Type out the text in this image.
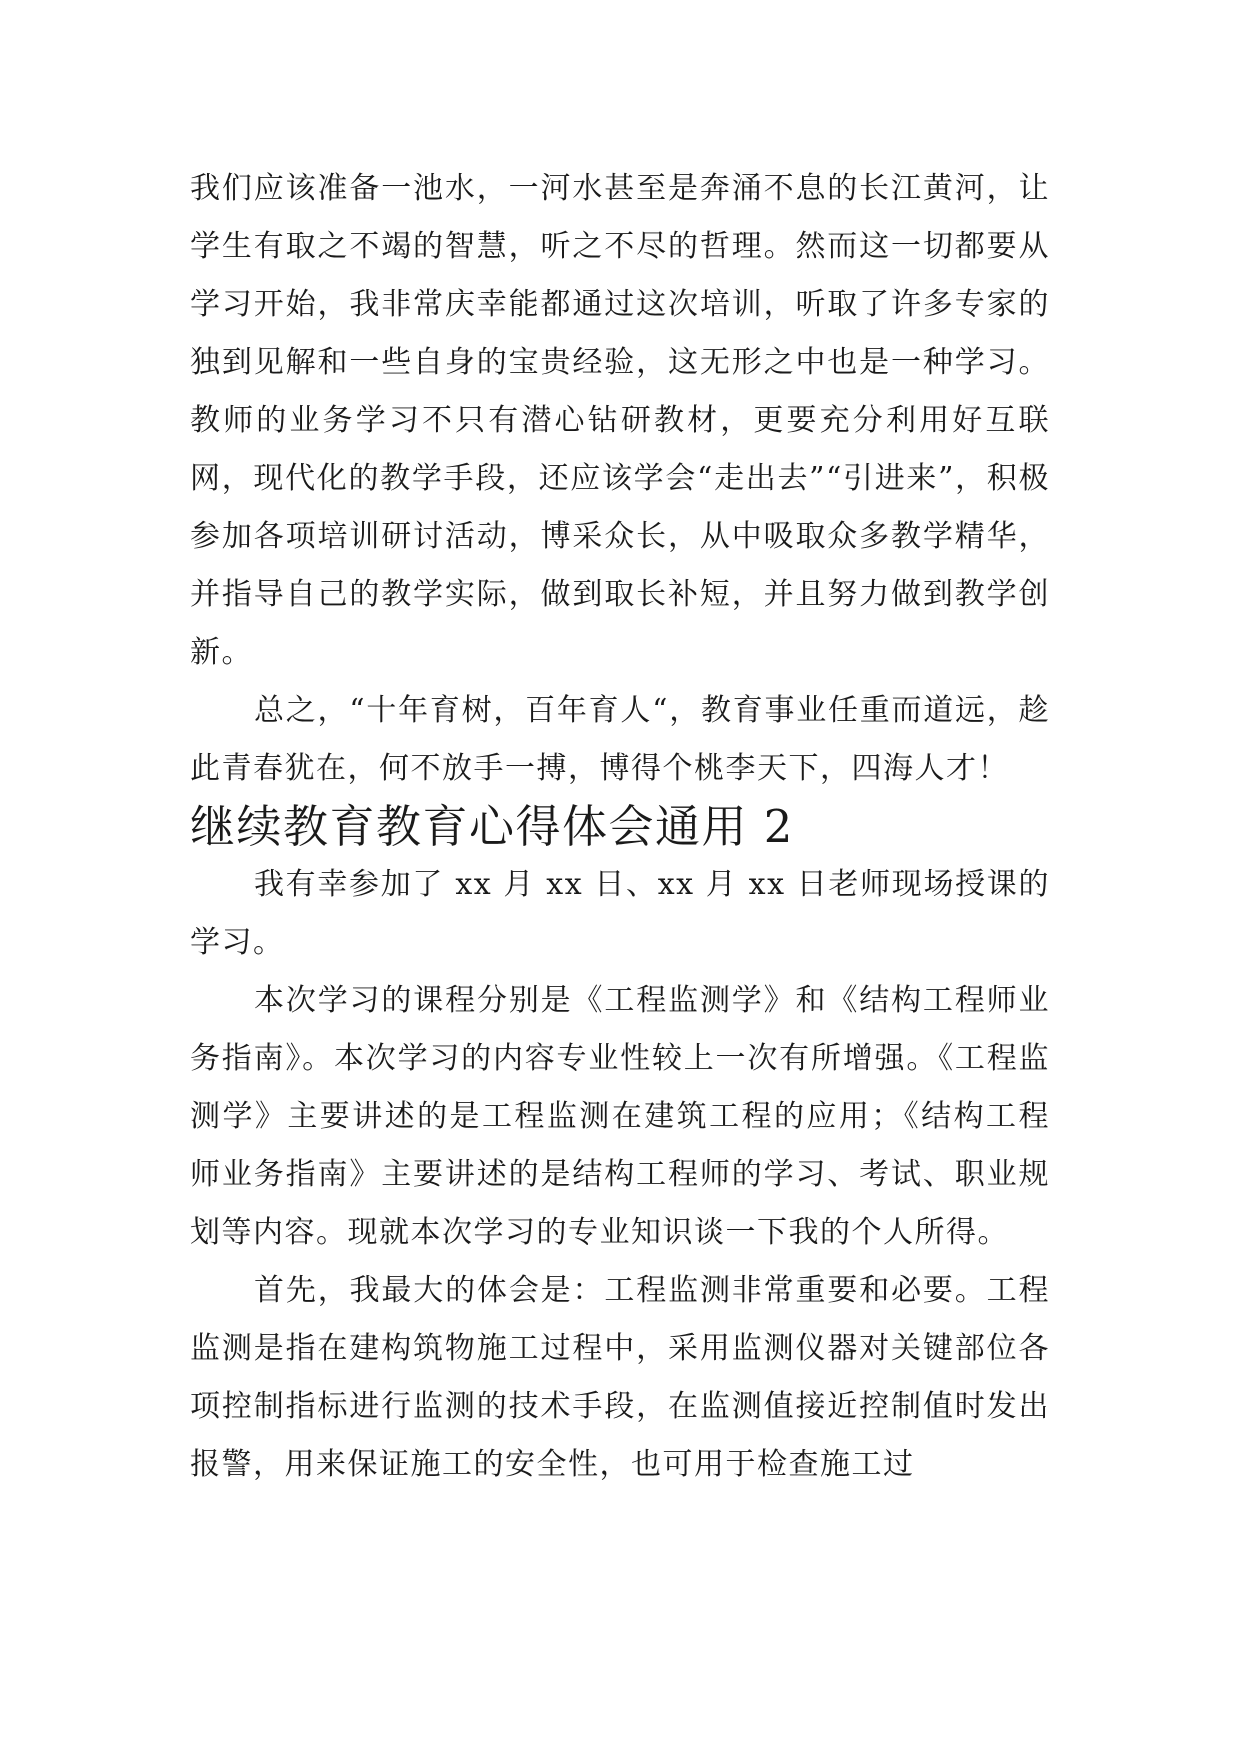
我们应该准备一池水，一河水甚至是奔涌不息的长江黄河，让学生有取之不竭的智慧，听之不尽的哲理。然而这一切都要从学习开始，我非常庆幸能都通过这次培训，听取了许多专家的独到见解和一些自身的宝贵经验，这无形之中也是一种学习。教师的业务学习不只有潜心钻研教材，更要充分利用好互联网，现代化的教学手段，还应该学会“走出去”“引进来”，积极参加各项培训研讨活动，博采众长，从中吸取众多教学精华，并指导自己的教学实际，做到取长补短，并且努力做到教学创新。

总之，“十年育树，百年育人“，教育事业任重而道远，趁此青春犹在，何不放手一搏，博得个桃李天下，四海人才！

继续教育教育心得体会通用 2

我有幸参加了 xx 月 xx 日、xx 月 xx 日老师现场授课的学习。

本次学习的课程分别是《工程监测学》和《结构工程师业务指南》。本次学习的内容专业性较上一次有所增强。《工程监测学》主要讲述的是工程监测在建筑工程的应用；《结构工程师业务指南》主要讲述的是结构工程师的学习、考试、职业规划等内容。现就本次学习的专业知识谈一下我的个人所得。

首先，我最大的体会是：工程监测非常重要和必要。工程监测是指在建构筑物施工过程中，采用监测仪器对关键部位各项控制指标进行监测的技术手段，在监测值接近控制值时发出报警，用来保证施工的安全性，也可用于检查施工过
